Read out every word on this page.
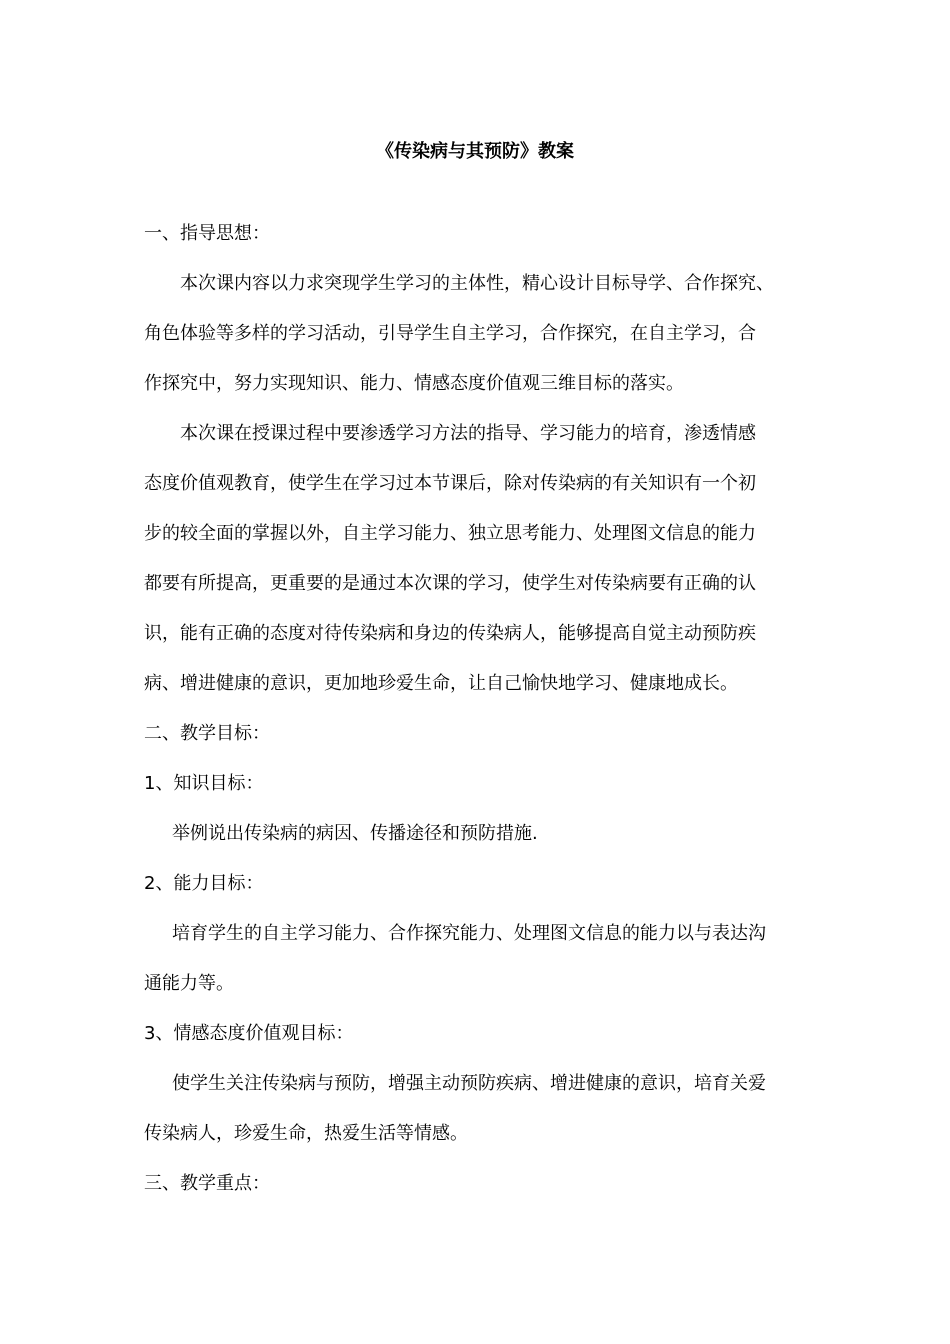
《传染病与其预防》教案

一、指导思想：

本次课内容以力求突现学生学习的主体性，精心设计目标导学、合作探究、
角色体验等多样的学习活动，引导学生自主学习，合作探究，在自主学习，合
作探究中，努力实现知识、能力、情感态度价值观三维目标的落实。

本次课在授课过程中要渗透学习方法的指导、学习能力的培育，渗透情感
态度价值观教育，使学生在学习过本节课后，除对传染病的有关知识有一个初
步的较全面的掌握以外，自主学习能力、独立思考能力、处理图文信息的能力
都要有所提高，更重要的是通过本次课的学习，使学生对传染病要有正确的认
识，能有正确的态度对待传染病和身边的传染病人，能够提高自觉主动预防疾
病、增进健康的意识，更加地珍爱生命，让自己愉快地学习、健康地成长。

二、教学目标：

1、知识目标：

举例说出传染病的病因、传播途径和预防措施.

2、能力目标：

培育学生的自主学习能力、合作探究能力、处理图文信息的能力以与表达沟
通能力等。

3、情感态度价值观目标：

使学生关注传染病与预防，增强主动预防疾病、增进健康的意识，培育关爱
传染病人，珍爱生命，热爱生活等情感。

三、教学重点：
